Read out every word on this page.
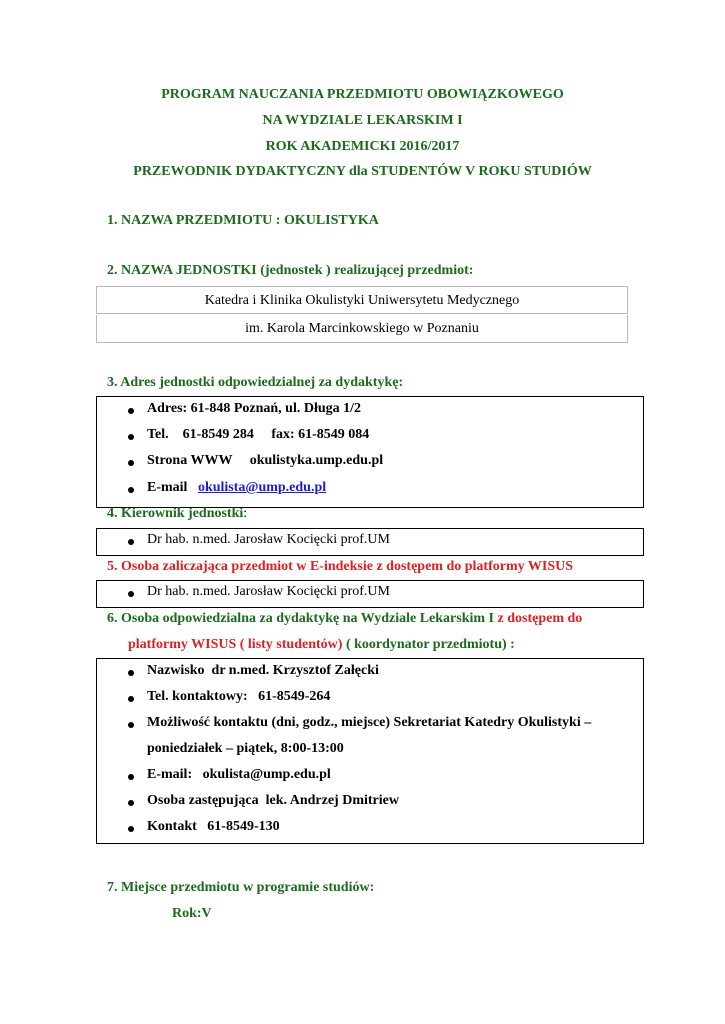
PROGRAM NAUCZANIA PRZEDMIOTU OBOWIĄZKOWEGO
NA WYDZIALE LEKARSKIM I
ROK AKADEMICKI 2016/2017
PRZEWODNIK DYDAKTYCZNY dla STUDENTÓW V ROKU STUDIÓW
1. NAZWA PRZEDMIOTU : OKULISTYKA
2. NAZWA JEDNOSTKI (jednostek ) realizującej przedmiot:
Katedra i Klinika Okulistyki Uniwersytetu Medycznego
im. Karola Marcinkowskiego w Poznaniu
3. Adres jednostki odpowiedzialnej za dydaktykę:
Adres: 61-848 Poznań, ul. Długa 1/2
Tel.    61-8549 284     fax: 61-8549 084
Strona WWW     okulistyka.ump.edu.pl
E-mail okulista@ump.edu.pl
4. Kierownik jednostki:
Dr hab. n.med. Jarosław Kocięcki prof.UM
5. Osoba zaliczająca przedmiot w E-indeksie z dostępem do platformy WISUS
Dr hab. n.med. Jarosław Kocięcki prof.UM
6. Osoba odpowiedzialna za dydaktykę na Wydziale Lekarskim I z dostępem do
platformy WISUS ( listy studentów) ( koordynator przedmiotu) :
Nazwisko  dr n.med. Krzysztof Załęcki
Tel. kontaktowy:   61-8549-264
Możliwość kontaktu (dni, godz., miejsce) Sekretariat Katedry Okulistyki –
poniedziałek – piątek, 8:00-13:00
E-mail:   okulista@ump.edu.pl
Osoba zastępująca  lek. Andrzej Dmitriew
Kontakt   61-8549-130
7. Miejsce przedmiotu w programie studiów:
Rok:V
